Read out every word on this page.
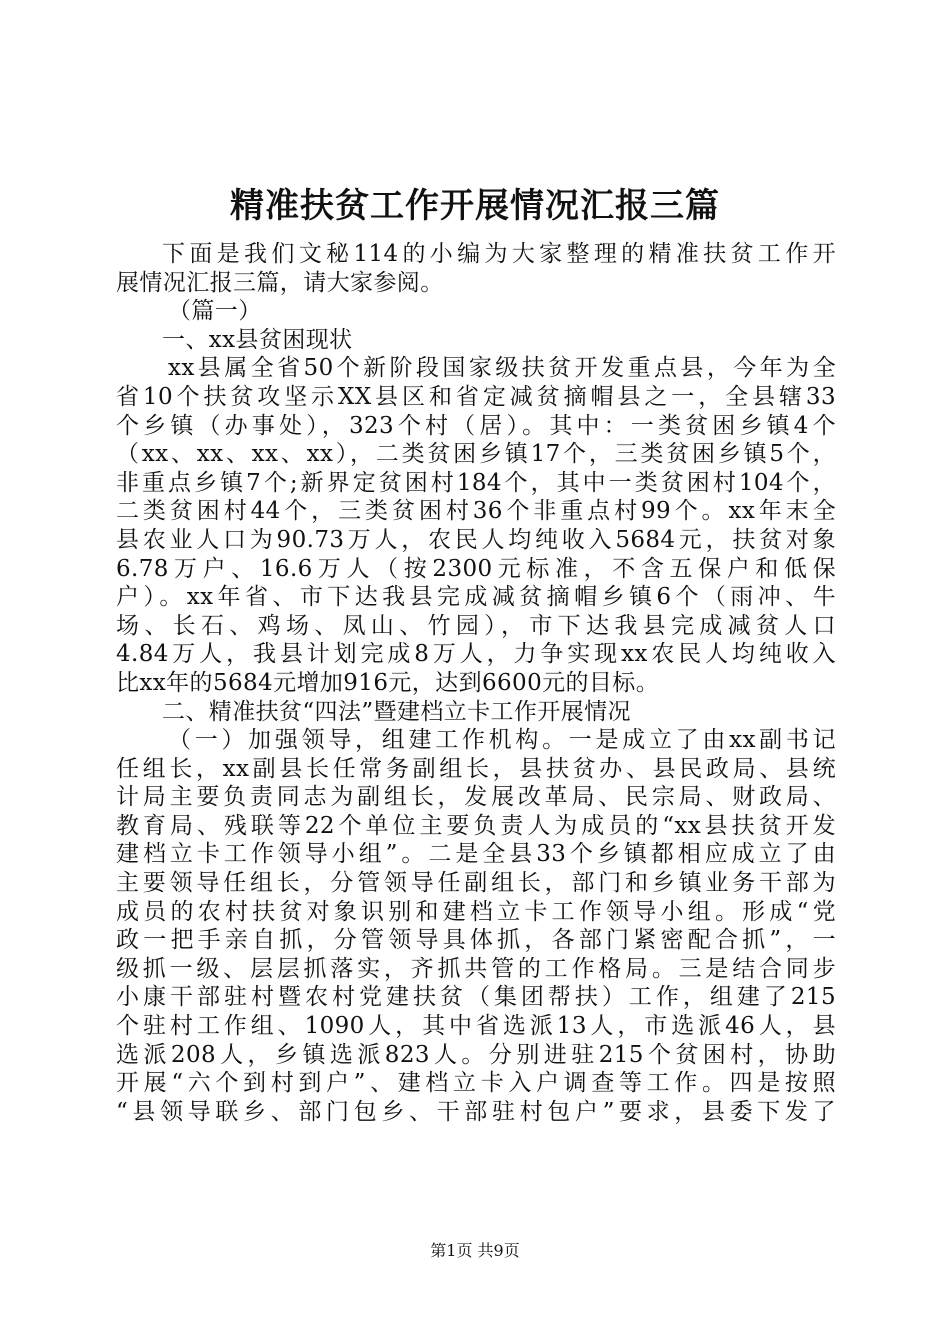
精准扶贫工作开展情况汇报三篇
下面是我们文秘114的小编为大家整理的精准扶贫工作开
展情况汇报三篇，请大家参阅。
（篇一）
一、xx县贫困现状
xx县属全省50个新阶段国家级扶贫开发重点县，今年为全
省10个扶贫攻坚示XX县区和省定减贫摘帽县之一，全县辖33
个乡镇（办事处），323个村（居）。其中：一类贫困乡镇4个
（xx、xx、xx、xx），二类贫困乡镇17个，三类贫困乡镇5个，
非重点乡镇7个;新界定贫困村184个，其中一类贫困村104个，
二类贫困村44个，三类贫困村36个非重点村99个。xx年末全
县农业人口为90.73万人，农民人均纯收入5684元，扶贫对象
6.78万户、16.6万人（按2300元标准，不含五保户和低保
户）。xx年省、市下达我县完成减贫摘帽乡镇6个（雨冲、牛
场、长石、鸡场、凤山、竹园），市下达我县完成减贫人口
4.84万人，我县计划完成8万人，力争实现xx农民人均纯收入
比xx年的5684元增加916元，达到6600元的目标。
二、精准扶贫“四法”暨建档立卡工作开展情况
（一）加强领导，组建工作机构。一是成立了由xx副书记
任组长，xx副县长任常务副组长，县扶贫办、县民政局、县统
计局主要负责同志为副组长，发展改革局、民宗局、财政局、
教育局、残联等22个单位主要负责人为成员的“xx县扶贫开发
建档立卡工作领导小组”。二是全县33个乡镇都相应成立了由
主要领导任组长，分管领导任副组长，部门和乡镇业务干部为
成员的农村扶贫对象识别和建档立卡工作领导小组。形成“党
政一把手亲自抓，分管领导具体抓，各部门紧密配合抓”，一
级抓一级、层层抓落实，齐抓共管的工作格局。三是结合同步
小康干部驻村暨农村党建扶贫（集团帮扶）工作，组建了215
个驻村工作组、1090人，其中省选派13人，市选派46人，县
选派208人，乡镇选派823人。分别进驻215个贫困村，协助
开展“六个到村到户”、建档立卡入户调查等工作。四是按照
“县领导联乡、部门包乡、干部驻村包户”要求，县委下发了
第1页 共9页
